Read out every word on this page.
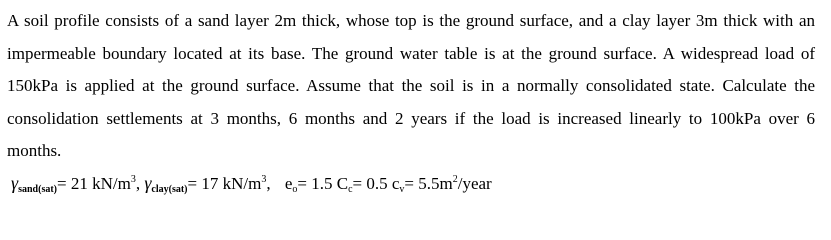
A soil profile consists of a sand layer 2m thick, whose top is the ground surface, and a clay layer 3m thick with an impermeable boundary located at its base. The ground water table is at the ground surface. A widespread load of 150kPa is applied at the ground surface. Assume that the soil is in a normally consolidated state. Calculate the consolidation settlements at 3 months, 6 months and 2 years if the load is increased linearly to 100kPa over 6 months.

γsand(sat)= 21 $kN/m^3$, γclay(sat)= 17 $kN/m^3$, $e_o= 1.5$ $C_c= 0.5$ $c_v=$ $5.5m^2$/year
